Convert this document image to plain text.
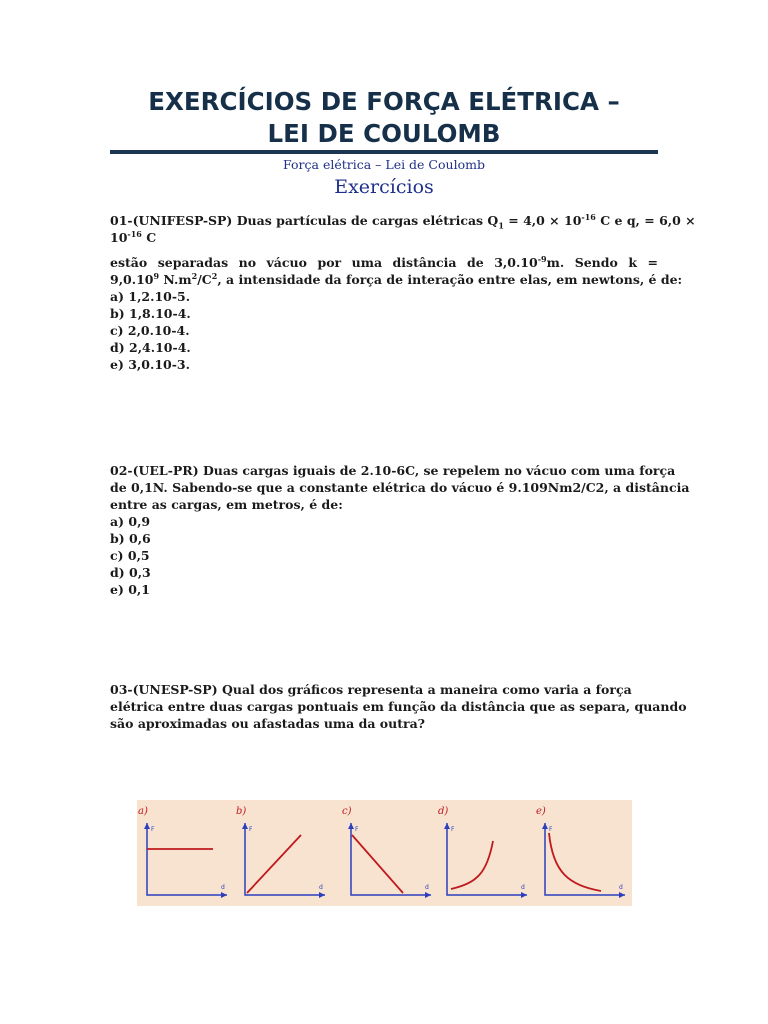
EXERCÍCIOS DE FORÇA ELÉTRICA –
LEI DE COULOMB
Força elétrica – Lei de Coulomb
Exercícios
01-(UNIFESP-SP) Duas partículas de cargas elétricas $Q_1 = 4,0 \times 10^{-16}$ C e q, = 6,0 ×
$10^{-16}$ C
estão separadas no vácuo por uma distância de $3,0.10^{-9}m$. Sendo k =
$9,0.10^9$ $N.m^2/C^2$, a intensidade da força de interação entre elas, em newtons, é de:
a) 1,2.10-5.
b) 1,8.10-4.
c) 2,0.10-4.
d) 2,4.10-4.
e) 3,0.10-3.
02-(UEL-PR) Duas cargas iguais de 2.10-6C, se repelem no vácuo com uma força
de 0,1N. Sabendo-se que a constante elétrica do vácuo é 9.109Nm2/C2, a distância
entre as cargas, em metros, é de:
a) 0,9
b) 0,6
c) 0,5
d) 0,3
e) 0,1
03-(UNESP-SP) Qual dos gráficos representa a maneira como varia a força
elétrica entre duas cargas pontuais em função da distância que as separa, quando
são aproximadas ou afastadas uma da outra?
a)
F
d
b)
F
d
c)
F
d
d)
F
d
e)
F
d
